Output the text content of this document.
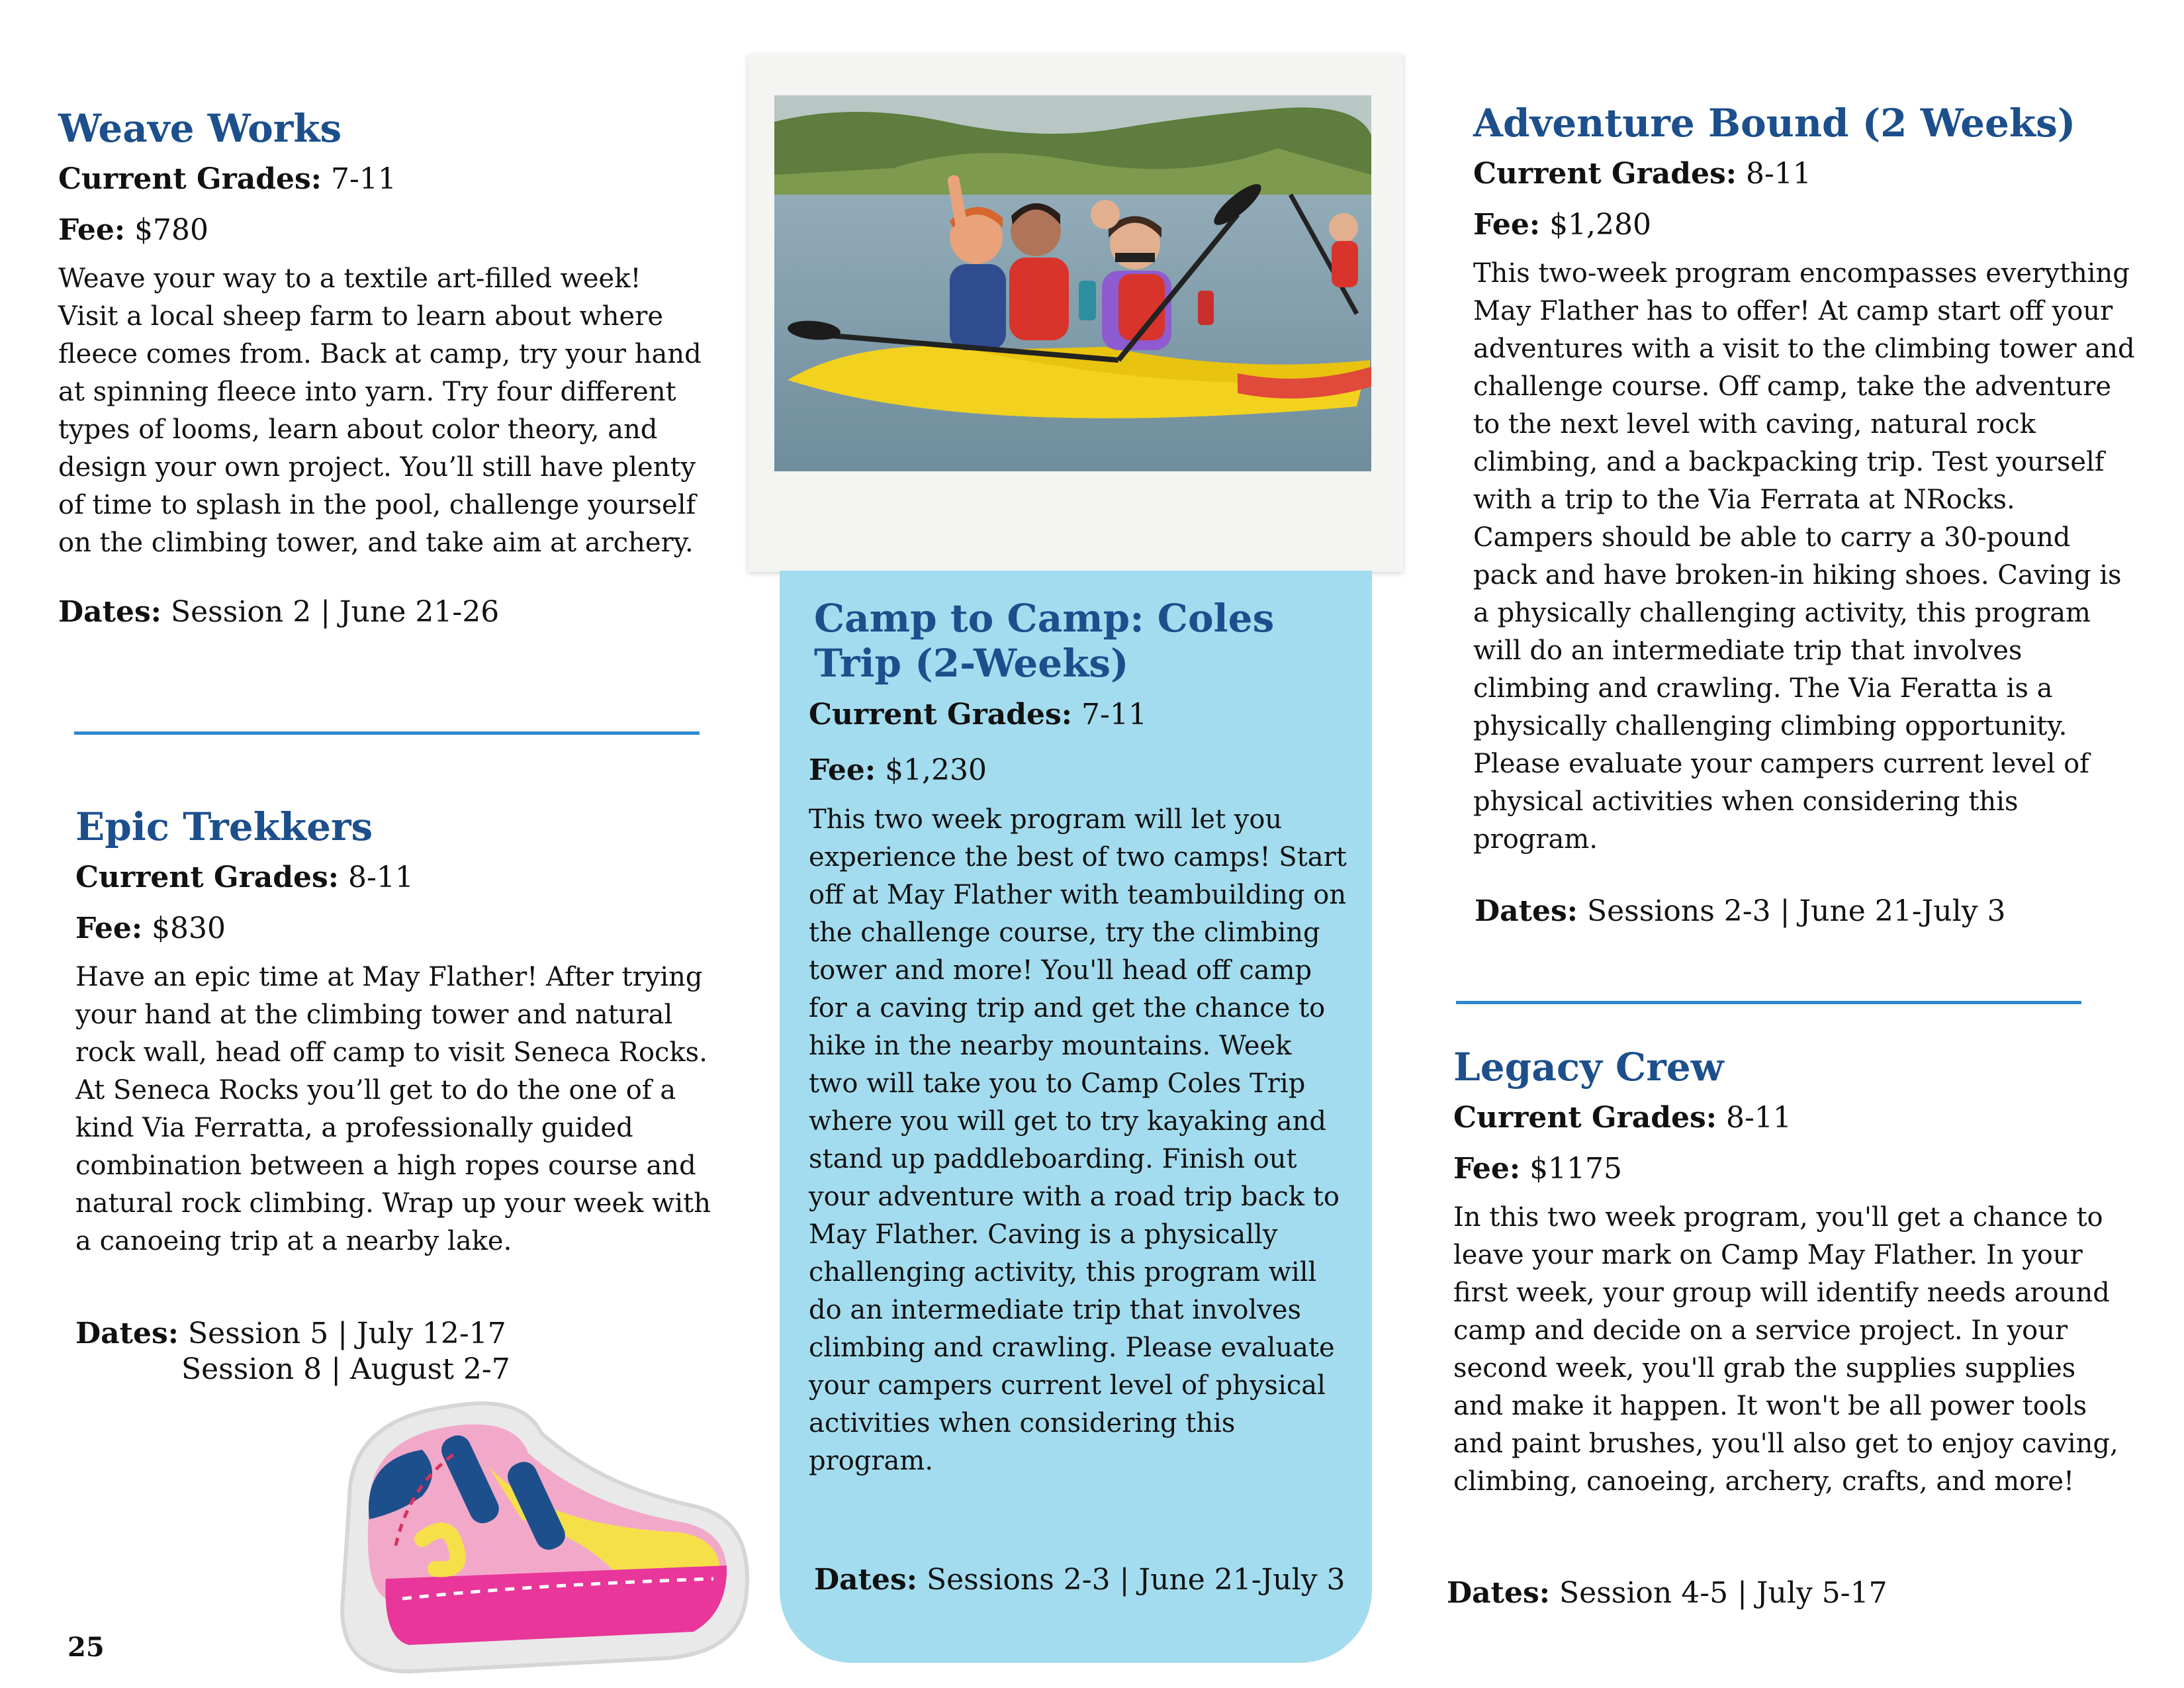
Weave Works
Current Grades: 7-11
Fee: $780

Weave your way to a textile art-filled week! Visit a local sheep farm to learn about where fleece comes from. Back at camp, try your hand at spinning fleece into yarn. Try four different types of looms, learn about color theory, and design your own project. You’ll still have plenty of time to splash in the pool, challenge yourself on the climbing tower, and take aim at archery.

Dates: Session 2 | June 21-26
Epic Trekkers
Current Grades: 8-11
Fee: $830

Have an epic time at May Flather! After trying your hand at the climbing tower and natural rock wall, head off camp to visit Seneca Rocks. At Seneca Rocks you’ll get to do the one of a kind Via Ferratta, a professionally guided combination between a high ropes course and natural rock climbing. Wrap up your week with a canoeing trip at a nearby lake.

Dates: Session 5 | July 12-17
Session 8 | August 2-7
Camp to Camp: Coles Trip (2-Weeks)
Current Grades: 7-11
Fee: $1,230

This two week program will let you experience the best of two camps! Start off at May Flather with teambuilding on the challenge course, try the climbing tower and more! You'll head off camp for a caving trip and get the chance to hike in the nearby mountains. Week two will take you to Camp Coles Trip where you will get to try kayaking and stand up paddleboarding. Finish out your adventure with a road trip back to May Flather. Caving is a physically challenging activity, this program will do an intermediate trip that involves climbing and crawling. Please evaluate your campers current level of physical activities when considering this program.

Dates: Sessions 2-3 | June 21-July 3
Adventure Bound (2 Weeks)
Current Grades: 8-11
Fee: $1,280

This two-week program encompasses everything May Flather has to offer! At camp start off your adventures with a visit to the climbing tower and challenge course. Off camp, take the adventure to the next level with caving, natural rock climbing, and a backpacking trip. Test yourself with a trip to the Via Ferrata at NRocks. Campers should be able to carry a 30-pound pack and have broken-in hiking shoes. Caving is a physically challenging activity, this program will do an intermediate trip that involves climbing and crawling. The Via Feratta is a physically challenging climbing opportunity. Please evaluate your campers current level of physical activities when considering this program.

Dates: Sessions 2-3 | June 21-July 3
Legacy Crew
Current Grades: 8-11
Fee: $1175

In this two week program, you'll get a chance to leave your mark on Camp May Flather. In your first week, your group will identify needs around camp and decide on a service project. In your second week, you'll grab the supplies supplies and make it happen. It won't be all power tools and paint brushes, you'll also get to enjoy caving, climbing, canoeing, archery, crafts, and more!

Dates: Session 4-5 | July 5-17
25
